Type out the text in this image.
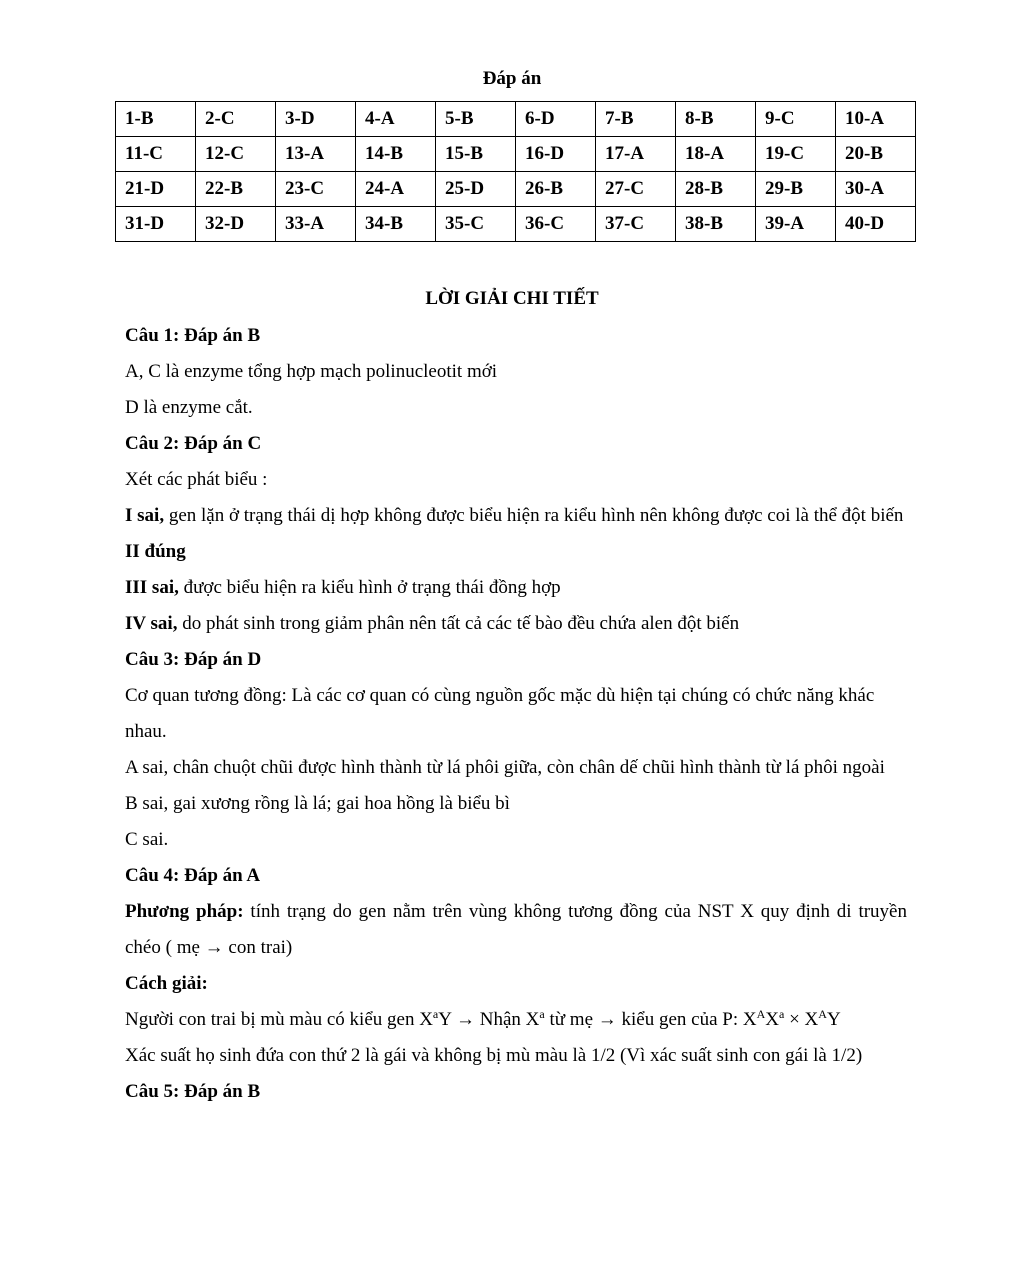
Đáp án
1-B	2-C	3-D	4-A	5-B	6-D	7-B	8-B	9-C	10-A
11-C	12-C	13-A	14-B	15-B	16-D	17-A	18-A	19-C	20-B
21-D	22-B	23-C	24-A	25-D	26-B	27-C	28-B	29-B	30-A
31-D	32-D	33-A	34-B	35-C	36-C	37-C	38-B	39-A	40-D
LỜI GIẢI CHI TIẾT
Câu 1: Đáp án B
A, C là enzyme tổng hợp mạch polinucleotit mới
D là enzyme cắt.
Câu 2: Đáp án C
Xét các phát biểu :
I sai, gen lặn ở trạng thái dị hợp không được biểu hiện ra kiểu hình nên không được coi là thể đột biến
II đúng
III sai, được biểu hiện ra kiểu hình ở trạng thái đồng hợp
IV sai, do phát sinh trong giảm phân nên tất cả các tế bào đều chứa alen đột biến
Câu 3: Đáp án D
Cơ quan tương đồng: Là các cơ quan có cùng nguồn gốc mặc dù hiện tại chúng có chức năng khác nhau.
A sai, chân chuột chũi được hình thành từ lá phôi giữa, còn chân dế chũi hình thành từ lá phôi ngoài
B sai, gai xương rồng là lá; gai hoa hồng là biểu bì
C sai.
Câu 4: Đáp án A
Phương pháp: tính trạng do gen nằm trên vùng không tương đồng của NST X quy định di truyền chéo ( mẹ → con trai)
Cách giải:
Người con trai bị mù màu có kiểu gen $X^aY$ → Nhận $X^a$ từ mẹ → kiểu gen của P: $X^AX^a \times X^AY$
Xác suất họ sinh đứa con thứ 2 là gái và không bị mù màu là 1/2 (Vì xác suất sinh con gái là 1/2)
Câu 5: Đáp án B
